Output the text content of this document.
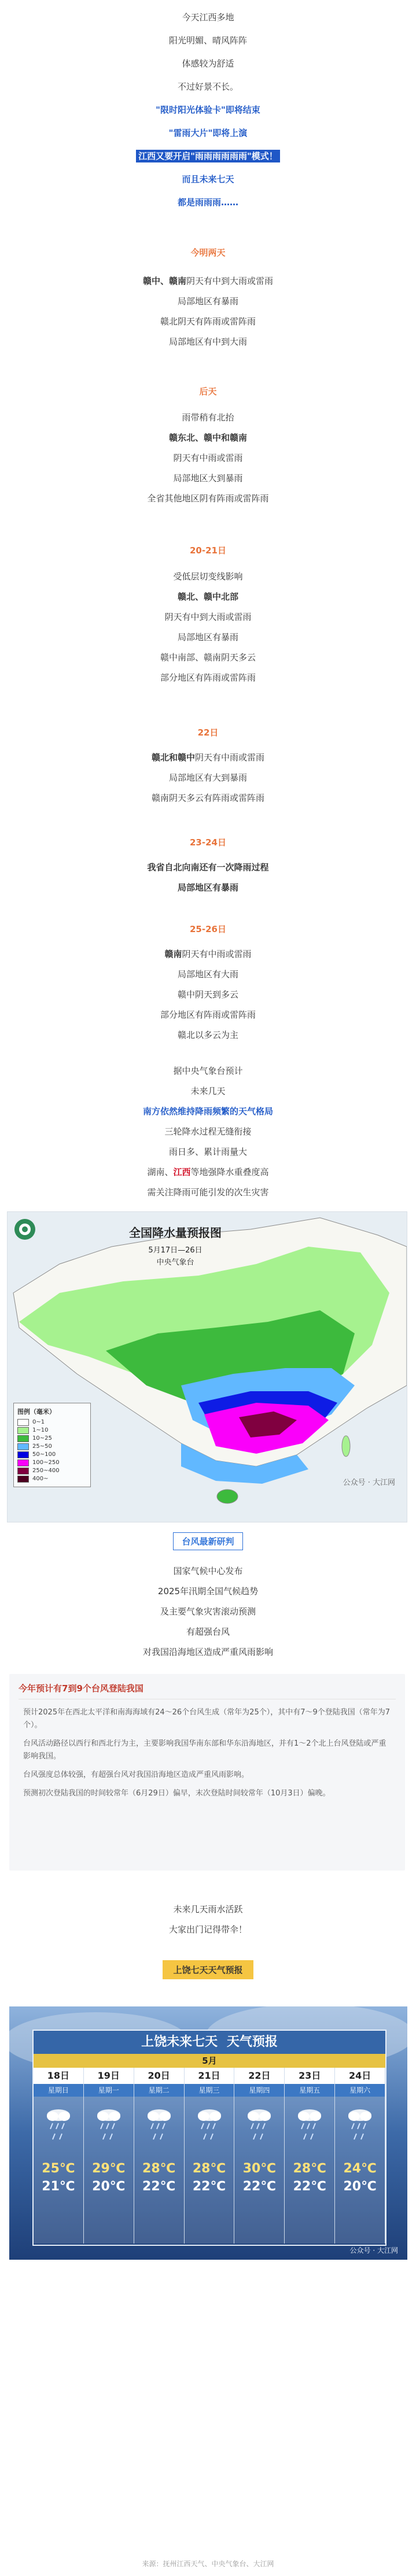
今天江西多地

阳光明媚、晴风阵阵

体感较为舒适

不过好景不长。

"限时阳光体验卡"即将结束

"雷雨大片"即将上演

江西又要开启"雨雨雨雨雨雨"模式！

而且未来七天

都是雨雨雨……

今明两天

赣中、赣南阴天有中到大雨或雷雨

局部地区有暴雨

赣北阴天有阵雨或雷阵雨

局部地区有中到大雨

后天

雨带稍有北抬

赣东北、赣中和赣南

阴天有中雨或雷雨

局部地区大到暴雨

全省其他地区阴有阵雨或雷阵雨

20-21日

受低层切变线影响

赣北、赣中北部

阴天有中到大雨或雷雨

局部地区有暴雨

赣中南部、赣南阴天多云

部分地区有阵雨或雷阵雨

22日

赣北和赣中阴天有中雨或雷雨

局部地区有大到暴雨

赣南阴天多云有阵雨或雷阵雨

23-24日

我省自北向南还有一次降雨过程

局部地区有暴雨

25-26日

赣南阴天有中雨或雷雨

局部地区有大雨

赣中阴天到多云

部分地区有阵雨或雷阵雨

赣北以多云为主

据中央气象台预计

未来几天

南方依然维持降雨频繁的天气格局

三轮降水过程无缝衔接

雨日多、累计雨量大

湖南、江西等地强降水重叠度高

需关注降雨可能引发的次生灾害

全国降水量预报图
5月17日—26日
中央气象台
图例（毫米）
0~1
1~10
10~25
25~50
50~100
100~250
250~400
400~	公众号 · 大江网
台风最新研判

国家气候中心发布

2025年汛期全国气候趋势

及主要气象灾害滚动预测

有超强台风

对我国沿海地区造成严重风雨影响

今年预计有7到9个台风登陆我国

预计2025年在西北太平洋和南海海域有24～26个台风生成（常年为25个），其中有7～9个登陆我国（常年为7个）。

台风活动路径以西行和西北行为主，主要影响我国华南东部和华东沿海地区，并有1～2个北上台风登陆或严重影响我国。

台风强度总体较强，有超强台风对我国沿海地区造成严重风雨影响。

预测初次登陆我国的时间较常年（6月29日）偏早，末次登陆时间较常年（10月3日）偏晚。

未来几天雨水活跃

大家出门记得带伞！

上饶七天天气预报
上饶未来七天 天气预报
5月
18日
星期日
25℃
21℃
19日
星期一
29℃
20℃
20日
星期二
28℃
22℃
21日
星期三
28℃
22℃
22日
星期四
30℃
22℃
23日
星期五
28℃
22℃
24日
星期六
24℃
20℃
公众号 · 大江网
来源：抚州江西天气、中央气象台、大江网
